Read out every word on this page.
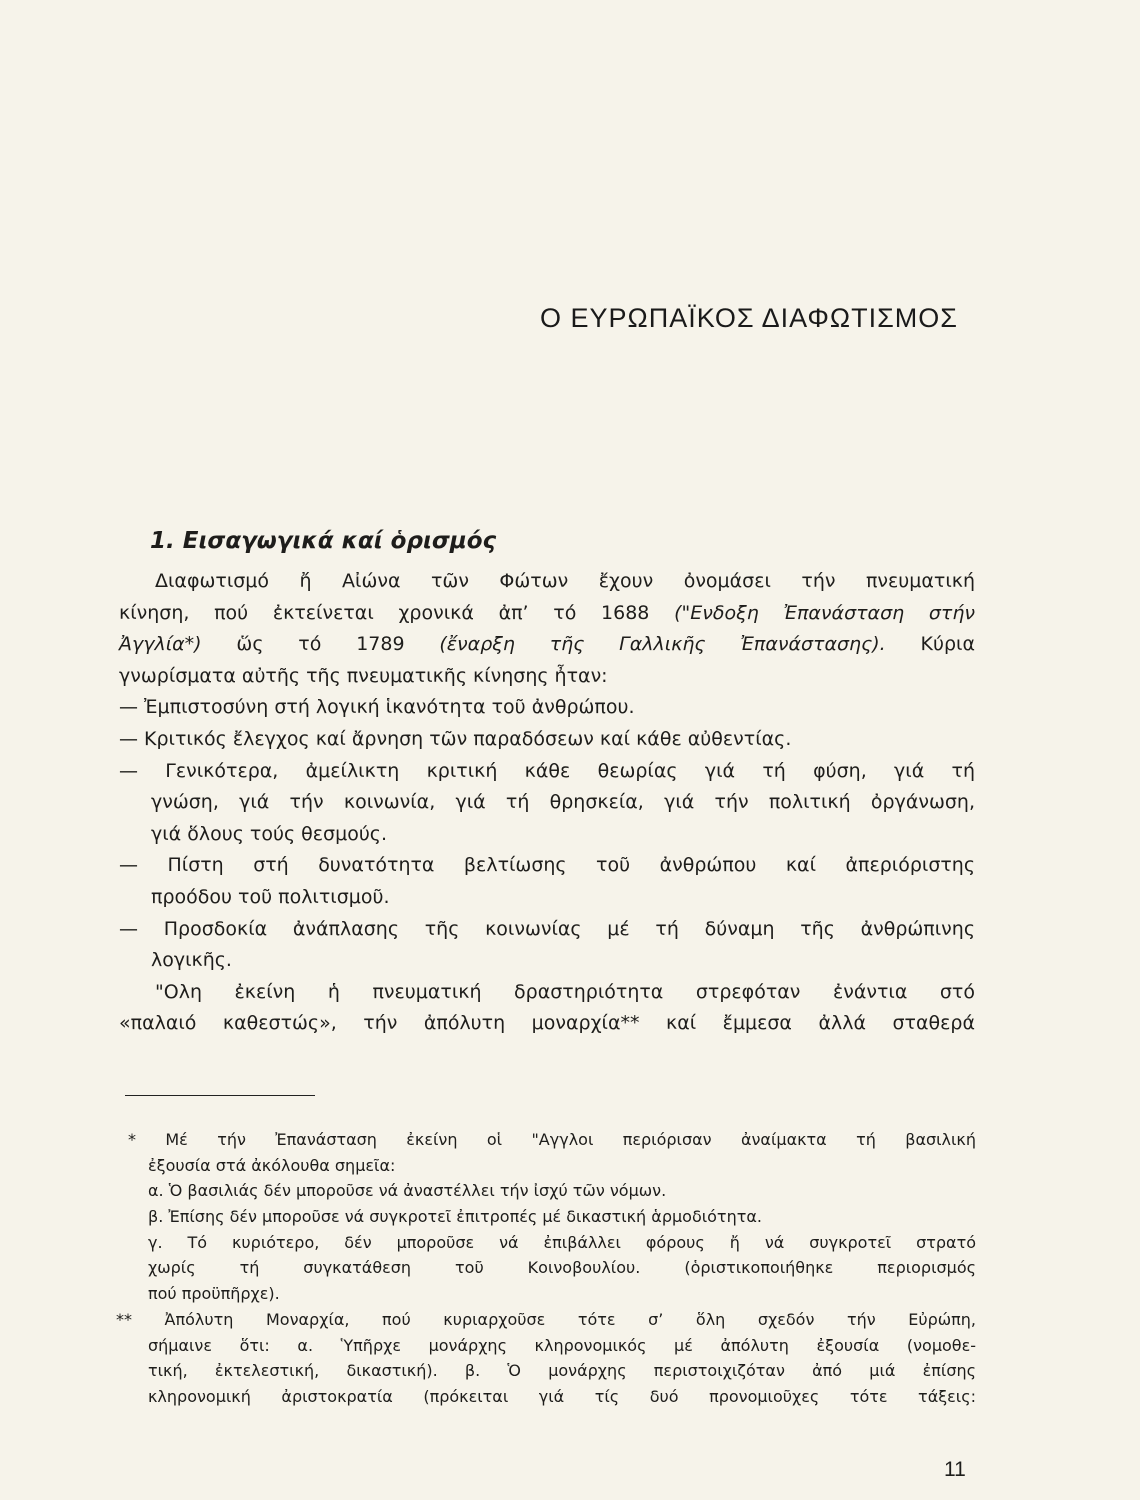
Ο ΕΥΡΩΠΑΪΚΟΣ ΔΙΑΦΩΤΙΣΜΟΣ
1. Εισαγωγικά καί ὁρισμός
Διαφωτισμό ἤ Αἰώνα τῶν Φώτων ἔχουν ὀνομάσει τήν πνευματική
κίνηση, πού ἐκτείνεται χρονικά ἀπ’ τό 1688 ("Ενδοξη Ἐπανάσταση στήν
Ἀγγλία*) ὥς τό 1789 (ἔναρξη τῆς Γαλλικῆς Ἐπανάστασης). Κύρια
γνωρίσματα αὐτῆς τῆς πνευματικῆς κίνησης ἦταν:
— Ἐμπιστοσύνη στή λογική ἱκανότητα τοῦ ἀνθρώπου.
— Κριτικός ἔλεγχος καί ἄρνηση τῶν παραδόσεων καί κάθε αὐθεντίας.
— Γενικότερα, ἀμείλικτη κριτική κάθε θεωρίας γιά τή φύση, γιά τή
γνώση, γιά τήν κοινωνία, γιά τή θρησκεία, γιά τήν πολιτική ὀργάνωση,
γιά ὅλους τούς θεσμούς.
— Πίστη στή δυνατότητα βελτίωσης τοῦ ἀνθρώπου καί ἀπεριόριστης
προόδου τοῦ πολιτισμοῦ.
— Προσδοκία ἀνάπλασης τῆς κοινωνίας μέ τή δύναμη τῆς ἀνθρώπινης
λογικῆς.
"Ολη ἐκείνη ἡ πνευματική δραστηριότητα στρεφόταν ἐνάντια στό
«παλαιό καθεστώς», τήν ἀπόλυτη μοναρχία** καί ἔμμεσα ἀλλά σταθερά
* Μέ τήν Ἐπανάσταση ἐκείνη οἱ "Αγγλοι περιόρισαν ἀναίμακτα τή βασιλική
ἐξουσία στά ἀκόλουθα σημεῖα:
α. Ὁ βασιλιάς δέν μποροῦσε νά ἀναστέλλει τήν ἰσχύ τῶν νόμων.
β. Ἐπίσης δέν μποροῦσε νά συγκροτεῖ ἐπιτροπές μέ δικαστική ἁρμοδιότητα.
γ. Τό κυριότερο, δέν μποροῦσε νά ἐπιβάλλει φόρους ἤ νά συγκροτεῖ στρατό
χωρίς τή συγκατάθεση τοῦ Κοινοβουλίου. (ὁριστικοποιήθηκε περιορισμός
πού προϋπῆρχε).
** Ἀπόλυτη Μοναρχία, πού κυριαρχοῦσε τότε σ’ ὅλη σχεδόν τήν Εὐρώπη,
σήμαινε ὅτι: α. Ὑπῆρχε μονάρχης κληρονομικός μέ ἀπόλυτη ἐξουσία (νομοθε-
τική, ἐκτελεστική, δικαστική). β. Ὁ μονάρχης περιστοιχιζόταν ἀπό μιά ἐπίσης
κληρονομική ἀριστοκρατία (πρόκειται γιά τίς δυό προνομιοῦχες τότε τάξεις:
11
